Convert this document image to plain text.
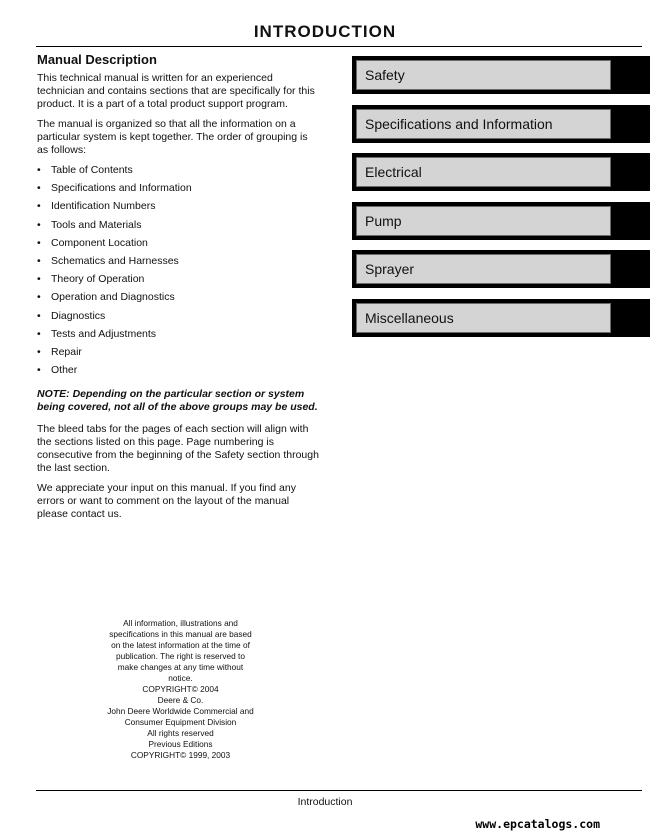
INTRODUCTION
Manual Description

This technical manual is written for an experienced technician and contains sections that are specifically for this product. It is a part of a total product support program.

The manual is organized so that all the information on a particular system is kept together. The order of grouping is as follows:

• Table of Contents
• Specifications and Information
• Identification Numbers
• Tools and Materials
• Component Location
• Schematics and Harnesses
• Theory of Operation
• Operation and Diagnostics
• Diagnostics
• Tests and Adjustments
• Repair
• Other

NOTE: Depending on the particular section or system being covered, not all of the above groups may be used.

The bleed tabs for the pages of each section will align with the sections listed on this page. Page numbering is consecutive from the beginning of the Safety section through the last section.

We appreciate your input on this manual. If you find any errors or want to comment on the layout of the manual please contact us.

Safety
Specifications and Information
Electrical
Pump
Sprayer
Miscellaneous
All information, illustrations and
specifications in this manual are based
on the latest information at the time of
publication. The right is reserved to
make changes at any time without
notice.
COPYRIGHT© 2004
Deere & Co.
John Deere Worldwide Commercial and
Consumer Equipment Division
All rights reserved
Previous Editions
COPYRIGHT© 1999, 2003
Introduction
www.epcatalogs.com
